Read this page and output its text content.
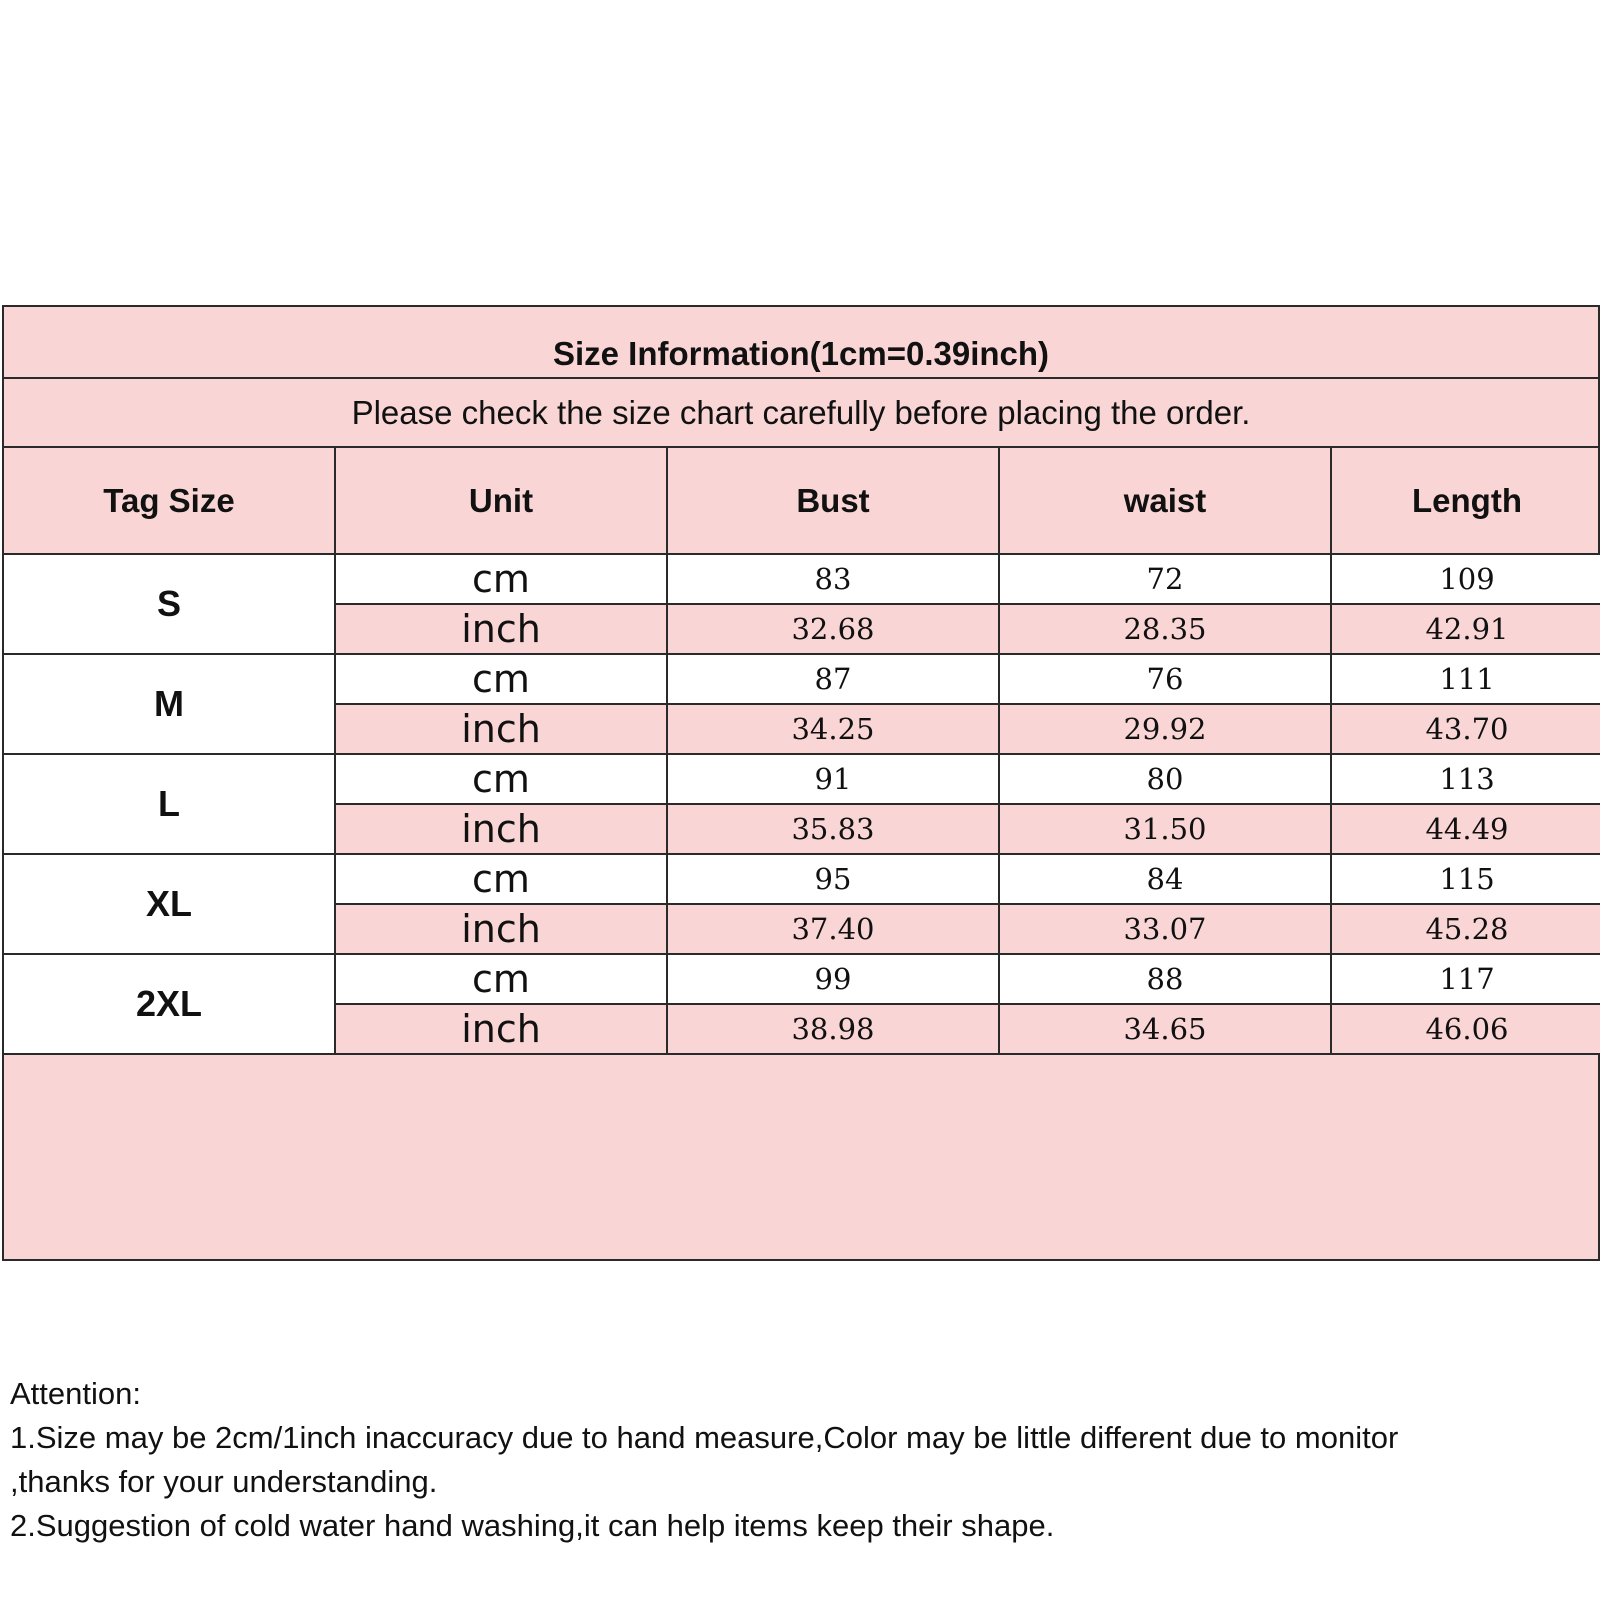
Size Information(1cm=0.39inch)
Please check the size chart carefully before placing the order.
Tag Size	Unit	Bust	waist	Length
S
cm	83	72	109
inch	32.68	28.35	42.91
M
cm	87	76	111
inch	34.25	29.92	43.70
L
cm	91	80	113
inch	35.83	31.50	44.49
XL
cm	95	84	115
inch	37.40	33.07	45.28
2XL
cm	99	88	117
inch	38.98	34.65	46.06
Attention:
1.Size may be 2cm/1inch inaccuracy due to hand measure,Color may be little different due to monitor
,thanks for your understanding.
2.Suggestion of cold water hand washing,it can help items keep their shape.
